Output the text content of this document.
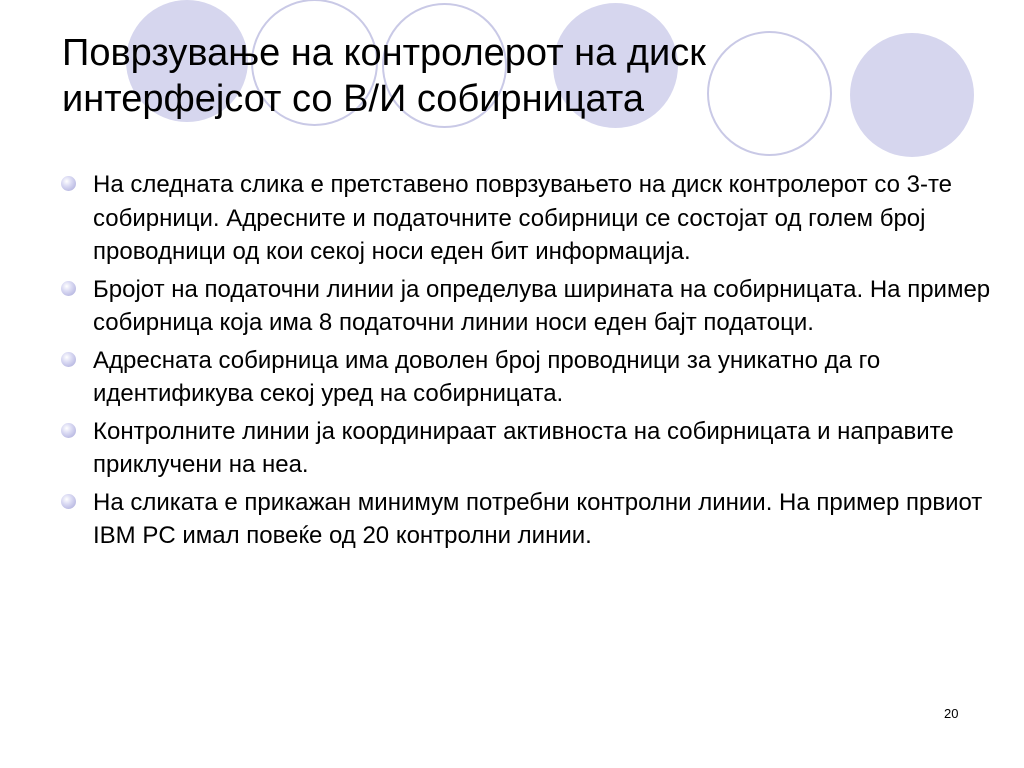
Поврзување на контролерот на диск
интерфејсот со В/И собирницата
На следната слика е претставено поврзувањето на диск контролерот со 3-те собирници. Адресните и податочните собирници се состојат од голем број проводници од кои секој носи еден бит информација.
Бројот на податочни линии ја определува ширината на собирницата. На пример собирница која има 8 податочни линии носи еден бајт податоци.
Адресната собирница има доволен број проводници за уникатно да го идентификува секој уред на собирницата.
Контролните линии ја координираат активноста на собирницата и направите приклучени на неа.
На сликата е прикажан минимум потребни контролни линии. На пример првиот IBM PC имал повеќе од 20 контролни линии.
20
